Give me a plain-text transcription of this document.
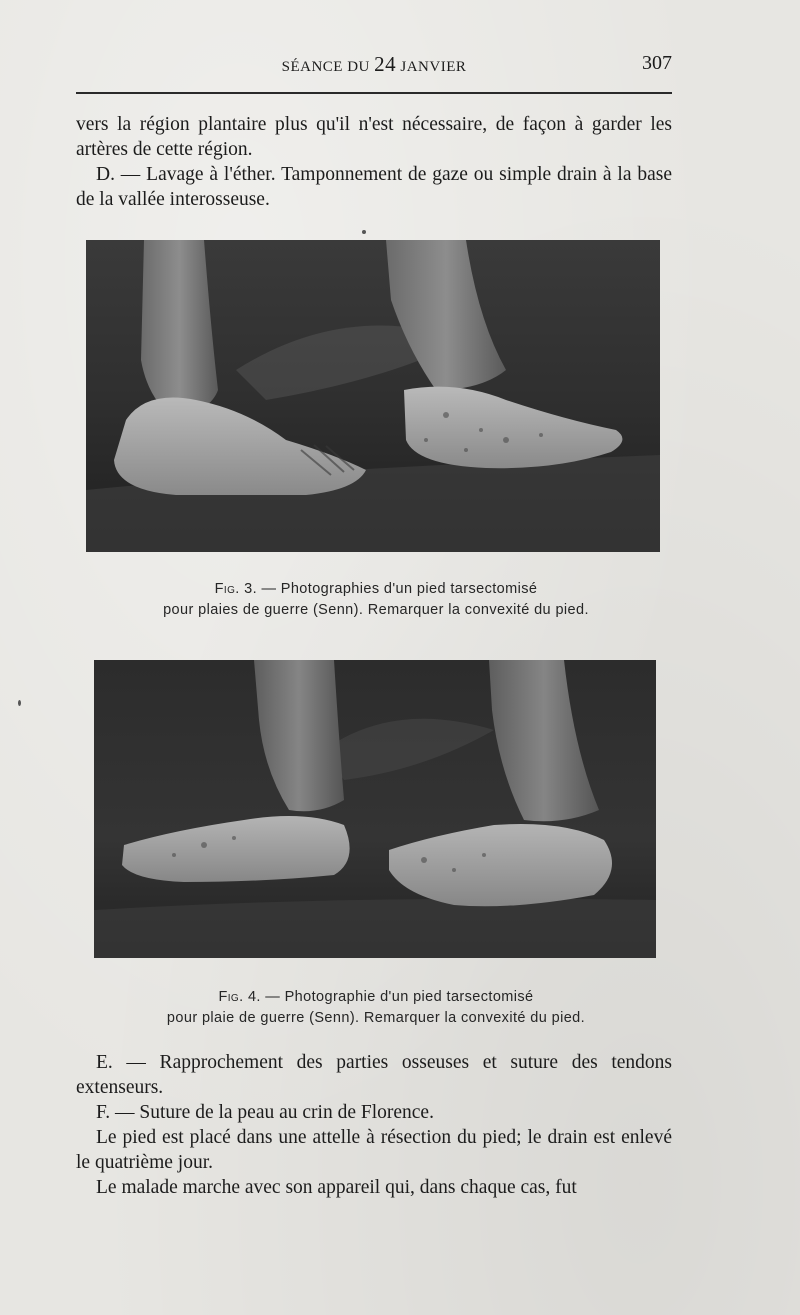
SÉANCE DU 24 JANVIER	307

vers la région plantaire plus qu'il n'est nécessaire, de façon à garder les artères de cette région.

D. — Lavage à l'éther. Tamponnement de gaze ou simple drain à la base de la vallée interosseuse.

Fig. 3. — Photographies d'un pied tarsectomisé
pour plaies de guerre (Senn). Remarquer la convexité du pied.
Fig. 4. — Photographie d'un pied tarsectomisé
pour plaie de guerre (Senn). Remarquer la convexité du pied.

E. — Rapprochement des parties osseuses et suture des tendons extenseurs.

F. — Suture de la peau au crin de Florence.

Le pied est placé dans une attelle à résection du pied; le drain est enlevé le quatrième jour.

Le malade marche avec son appareil qui, dans chaque cas, fut
